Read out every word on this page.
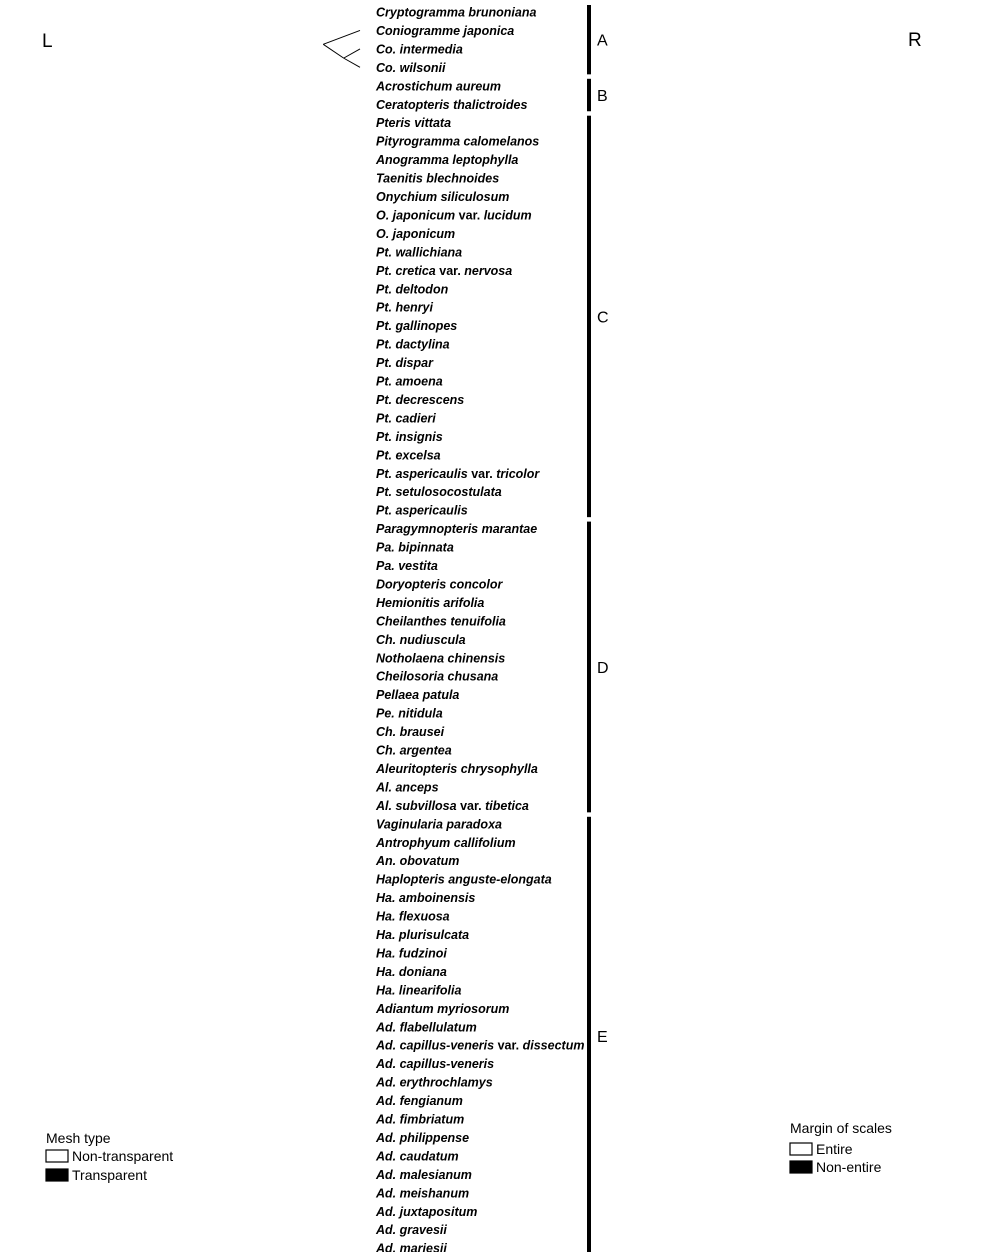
L	R
Cryptogramma brunoniana
Coniogramme japonica
Co. intermedia
Co. wilsonii
Acrostichum aureum
Ceratopteris thalictroides
Pteris vittata
Pityrogramma calomelanos
Anogramma leptophylla
Taenitis blechnoides
Onychium siliculosum
O. japonicum var. lucidum
O. japonicum
Pt. wallichiana
Pt. cretica var. nervosa
Pt. deltodon
Pt. henryi
Pt. gallinopes
Pt. dactylina
Pt. dispar
Pt. amoena
Pt. decrescens
Pt. cadieri
Pt. insignis
Pt. excelsa
Pt. aspericaulis var. tricolor
Pt. setulosocostulata
Pt. aspericaulis
Paragymnopteris marantae
Pa. bipinnata
Pa. vestita
Doryopteris concolor
Hemionitis arifolia
Cheilanthes tenuifolia
Ch. nudiuscula
Notholaena chinensis
Cheilosoria chusana
Pellaea patula
Pe. nitidula
Ch. brausei
Ch. argentea
Aleuritopteris chrysophylla
Al. anceps
Al. subvillosa var. tibetica
Vaginularia paradoxa
Antrophyum callifolium
An. obovatum
Haplopteris anguste-elongata
Ha. amboinensis
Ha. flexuosa
Ha. plurisulcata
Ha. fudzinoi
Ha. doniana
Ha. linearifolia
Adiantum myriosorum
Ad. flabellulatum
Ad. capillus-veneris var. dissectum
Ad. capillus-veneris
Ad. erythrochlamys
Ad. fengianum
Ad. fimbriatum
Ad. philippense
Ad. caudatum
Ad. malesianum
Ad. meishanum
Ad. juxtapositum
Ad. gravesii
Ad. mariesii
A
B
C
D
E
Mesh type
Non-transparent
Transparent
Margin of scales
Entire
Non-entire
